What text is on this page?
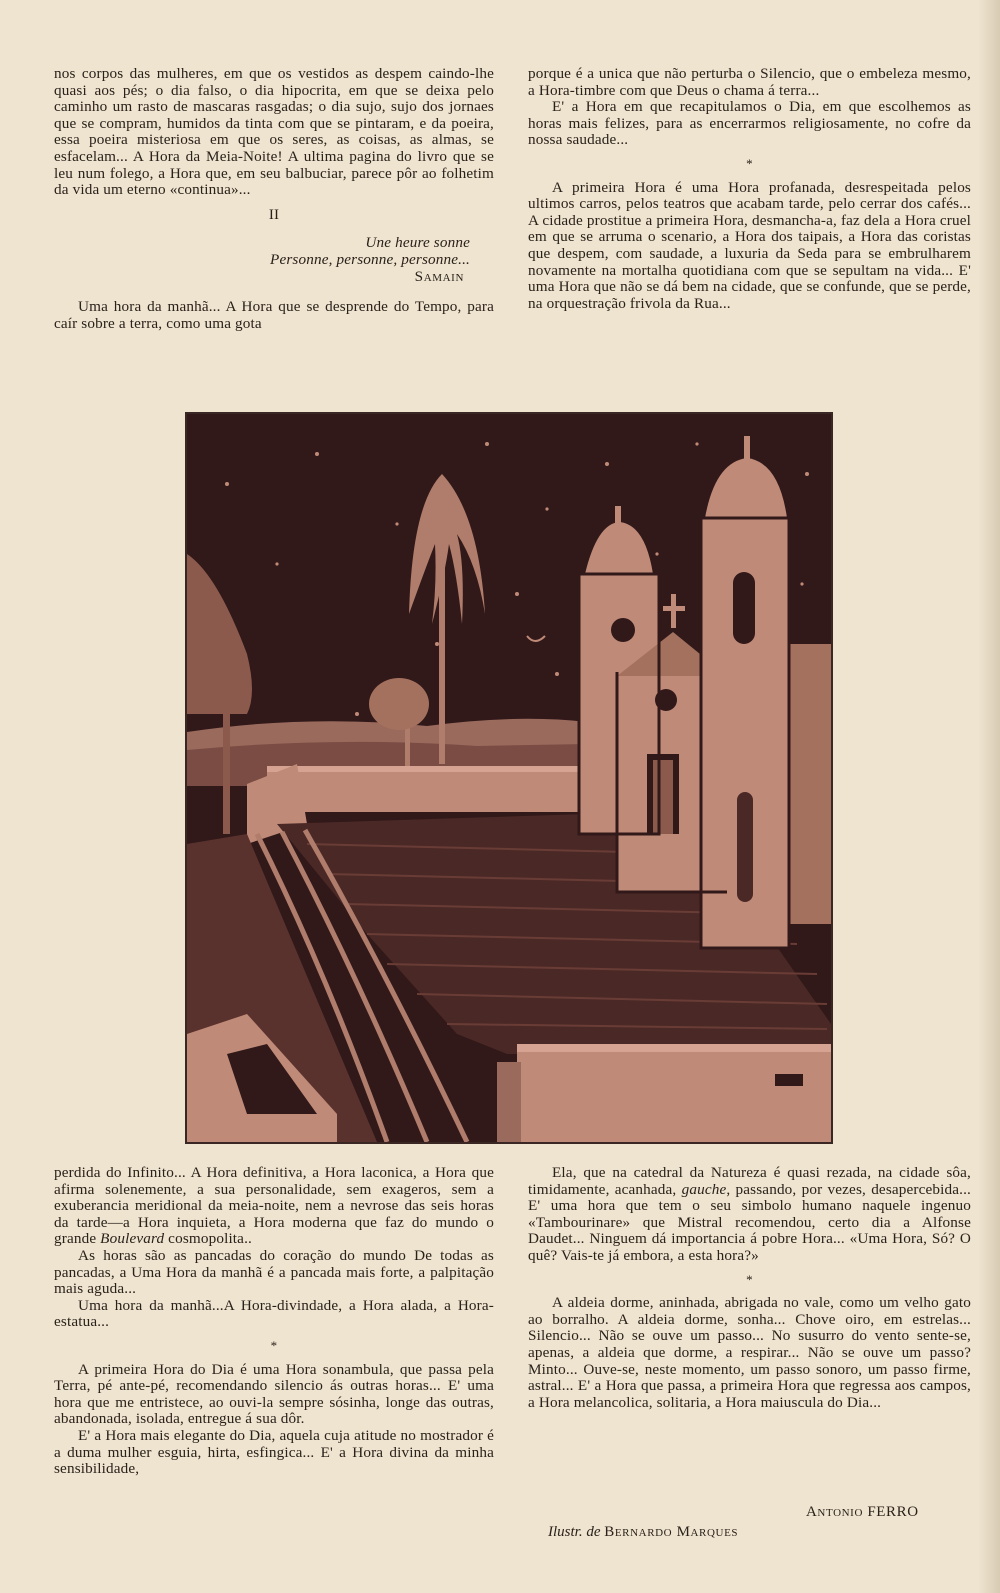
nos corpos das mulheres, em que os vestidos as despem caindo-lhe quasi aos pés; o dia falso, o dia hipocrita, em que se deixa pelo caminho um rasto de mascaras rasgadas; o dia sujo, sujo dos jornaes que se compram, humidos da tinta com que se pintaram, e da poeira, essa poeira misteriosa em que os seres, as coisas, as almas, se esfacelam... A Hora da Meia-Noite! A ultima pagina do livro que se leu num folego, a Hora que, em seu balbuciar, parece pôr ao folhetim da vida um eterno «continua»...

II

Une heure sonne

Personne, personne, personne...

Samain

Uma hora da manhã... A Hora que se desprende do Tempo, para caír sobre a terra, como uma gota

porque é a unica que não perturba o Silencio, que o embeleza mesmo, a Hora-timbre com que Deus o chama á terra...

E' a Hora em que recapitulamos o Dia, em que escolhemos as horas mais felizes, para as encerrarmos religiosamente, no cofre da nossa saudade...

*

A primeira Hora é uma Hora profanada, desrespeitada pelos ultimos carros, pelos teatros que acabam tarde, pelo cerrar dos cafés... A cidade prostitue a primeira Hora, desmancha-a, faz dela a Hora cruel em que se arruma o scenario, a Hora dos taipais, a Hora das coristas que despem, com saudade, a luxuria da Seda para se embrulharem novamente na mortalha quotidiana com que se sepultam na vida... E' uma Hora que não se dá bem na cidade, que se confunde, que se perde, na orquestração frivola da Rua...

perdida do Infinito... A Hora definitiva, a Hora laconica, a Hora que afirma solenemente, a sua personalidade, sem exageros, sem a exuberancia meridional da meia-noite, nem a nevrose das seis horas da tarde—a Hora inquieta, a Hora moderna que faz do mundo o grande Boulevard cosmopolita..

As horas são as pancadas do coração do mundo De todas as pancadas, a Uma Hora da manhã é a pancada mais forte, a palpitação mais aguda...

Uma hora da manhã...A Hora-divindade, a Hora alada, a Hora-estatua...

*

A primeira Hora do Dia é uma Hora sonambula, que passa pela Terra, pé ante-pé, recomendando silencio ás outras horas... E' uma hora que me entristece, ao ouvi-la sempre sósinha, longe das outras, abandonada, isolada, entregue á sua dôr.

E' a Hora mais elegante do Dia, aquela cuja atitude no mostrador é a duma mulher esguia, hirta, esfingica... E' a Hora divina da minha sensibilidade,

Ela, que na catedral da Natureza é quasi rezada, na cidade sôa, timidamente, acanhada, gauche, passando, por vezes, desapercebida... E' uma hora que tem o seu simbolo humano naquele ingenuo «Tambourinare» que Mistral recomendou, certo dia a Alfonse Daudet... Ninguem dá importancia á pobre Hora... «Uma Hora, Só? O quê? Vais-te já embora, a esta hora?»

*

A aldeia dorme, aninhada, abrigada no vale, como um velho gato ao borralho. A aldeia dorme, sonha... Chove oiro, em estrelas... Silencio... Não se ouve um passo... No susurro do vento sente-se, apenas, a aldeia que dorme, a respirar... Não se ouve um passo? Minto... Ouve-se, neste momento, um passo sonoro, um passo firme, astral... E' a Hora que passa, a primeira Hora que regressa aos campos, a Hora melancolica, solitaria, a Hora maiuscula do Dia...

Antonio FERRO
Ilustr. de Bernardo Marques
